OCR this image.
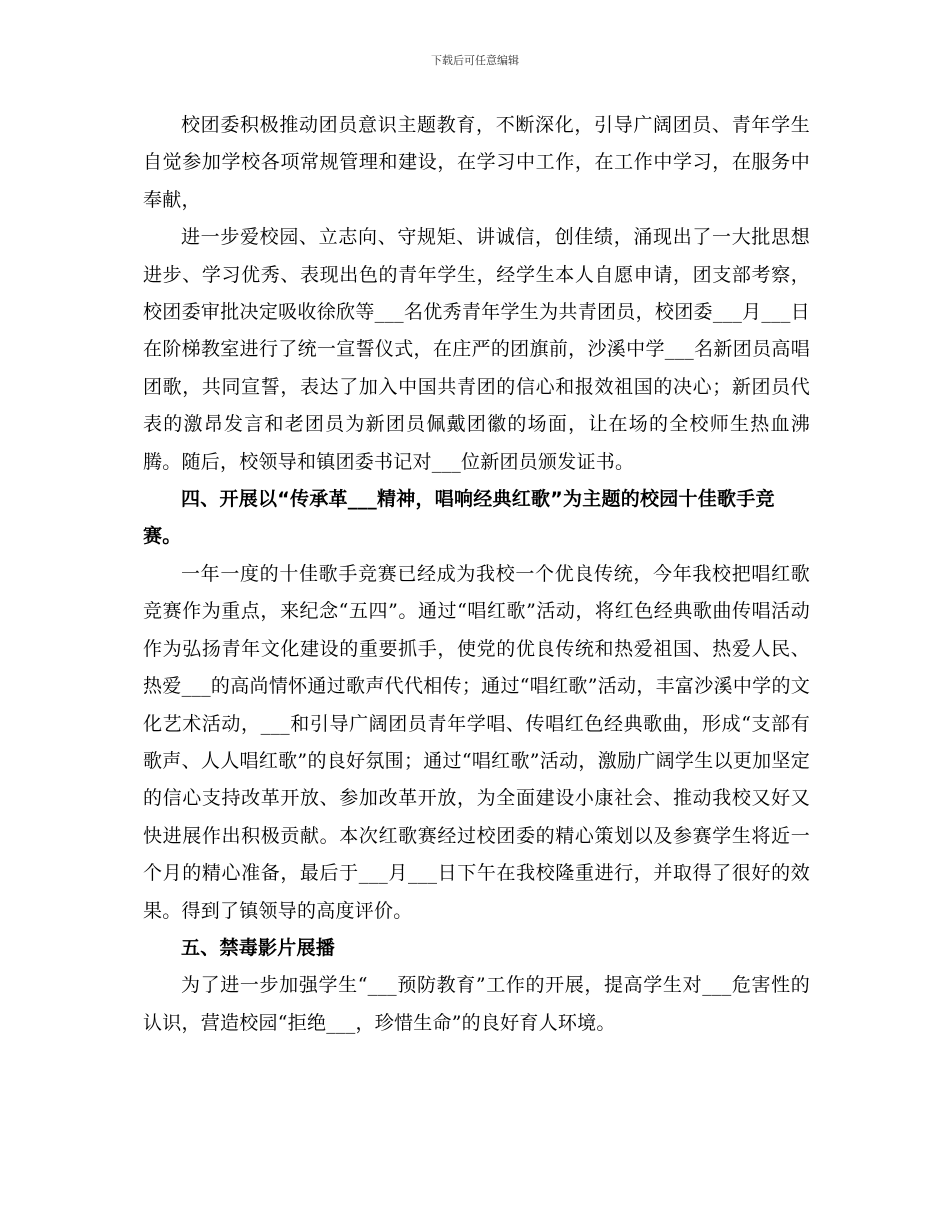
下载后可任意编辑

校团委积极推动团员意识主题教育，不断深化，引导广阔团员、青年学生自觉参加学校各项常规管理和建设，在学习中工作，在工作中学习，在服务中奉献，

进一步爱校园、立志向、守规矩、讲诚信，创佳绩，涌现出了一大批思想进步、学习优秀、表现出色的青年学生，经学生本人自愿申请，团支部考察，校团委审批决定吸收徐欣等___名优秀青年学生为共青团员，校团委___月___日在阶梯教室进行了统一宣誓仪式，在庄严的团旗前，沙溪中学___名新团员高唱团歌，共同宣誓，表达了加入中国共青团的信心和报效祖国的决心；新团员代表的激昂发言和老团员为新团员佩戴团徽的场面，让在场的全校师生热血沸腾。随后，校领导和镇团委书记对___位新团员颁发证书。

四、开展以“传承革___精神，唱响经典红歌”为主题的校园十佳歌手竞赛。

一年一度的十佳歌手竞赛已经成为我校一个优良传统，今年我校把唱红歌竞赛作为重点，来纪念“五四”。通过“唱红歌”活动，将红色经典歌曲传唱活动作为弘扬青年文化建设的重要抓手，使党的优良传统和热爱祖国、热爱人民、热爱___的高尚情怀通过歌声代代相传；通过“唱红歌”活动，丰富沙溪中学的文化艺术活动，___和引导广阔团员青年学唱、传唱红色经典歌曲，形成“支部有歌声、人人唱红歌”的良好氛围；通过“唱红歌”活动，激励广阔学生以更加坚定的信心支持改革开放、参加改革开放，为全面建设小康社会、推动我校又好又快进展作出积极贡献。本次红歌赛经过校团委的精心策划以及参赛学生将近一个月的精心准备，最后于___月___日下午在我校隆重进行，并取得了很好的效果。得到了镇领导的高度评价。

五、禁毒影片展播

为了进一步加强学生“___预防教育”工作的开展，提高学生对___危害性的认识，营造校园“拒绝___，珍惜生命”的良好育人环境。
